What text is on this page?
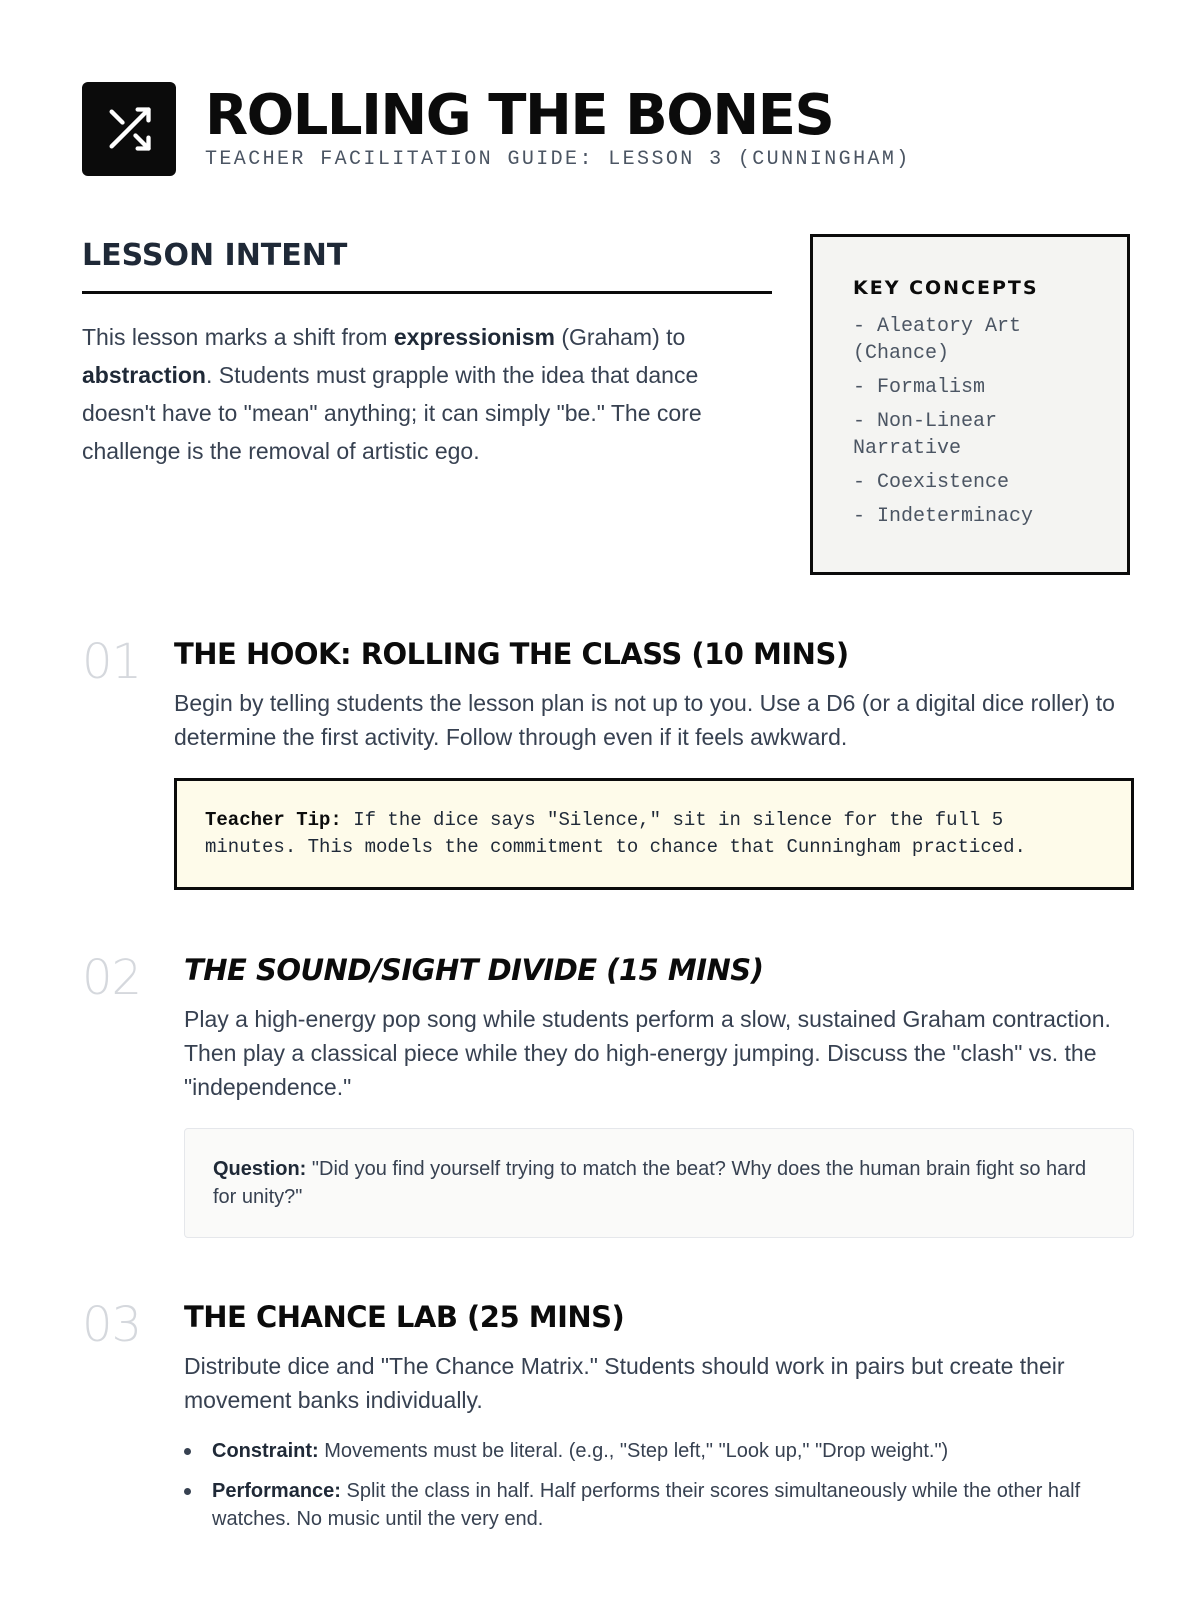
ROLLING THE BONES
TEACHER FACILITATION GUIDE: LESSON 3 (CUNNINGHAM)
LESSON INTENT

This lesson marks a shift from expressionism (Graham) to abstraction. Students must grapple with the idea that dance doesn't have to "mean" anything; it can simply "be." The core challenge is the removal of artistic ego.

KEY CONCEPTS
- Aleatory Art (Chance)
- Formalism
- Non-Linear Narrative
- Coexistence
- Indeterminacy
01 THE HOOK: ROLLING THE CLASS (10 MINS)

Begin by telling students the lesson plan is not up to you. Use a D6 (or a digital dice roller) to determine the first activity. Follow through even if it feels awkward.

Teacher Tip: If the dice says "Silence," sit in silence for the full 5 minutes. This models the commitment to chance that Cunningham practiced.
02 THE SOUND/SIGHT DIVIDE (15 MINS)

Play a high-energy pop song while students perform a slow, sustained Graham contraction. Then play a classical piece while they do high-energy jumping. Discuss the "clash" vs. the "independence."

Question: "Did you find yourself trying to match the beat? Why does the human brain fight so hard for unity?"
03 THE CHANCE LAB (25 MINS)

Distribute dice and "The Chance Matrix." Students should work in pairs but create their movement banks individually.

Constraint: Movements must be literal. (e.g., "Step left," "Look up," "Drop weight.")
Performance: Split the class in half. Half performs their scores simultaneously while the other half watches. No music until the very end.
